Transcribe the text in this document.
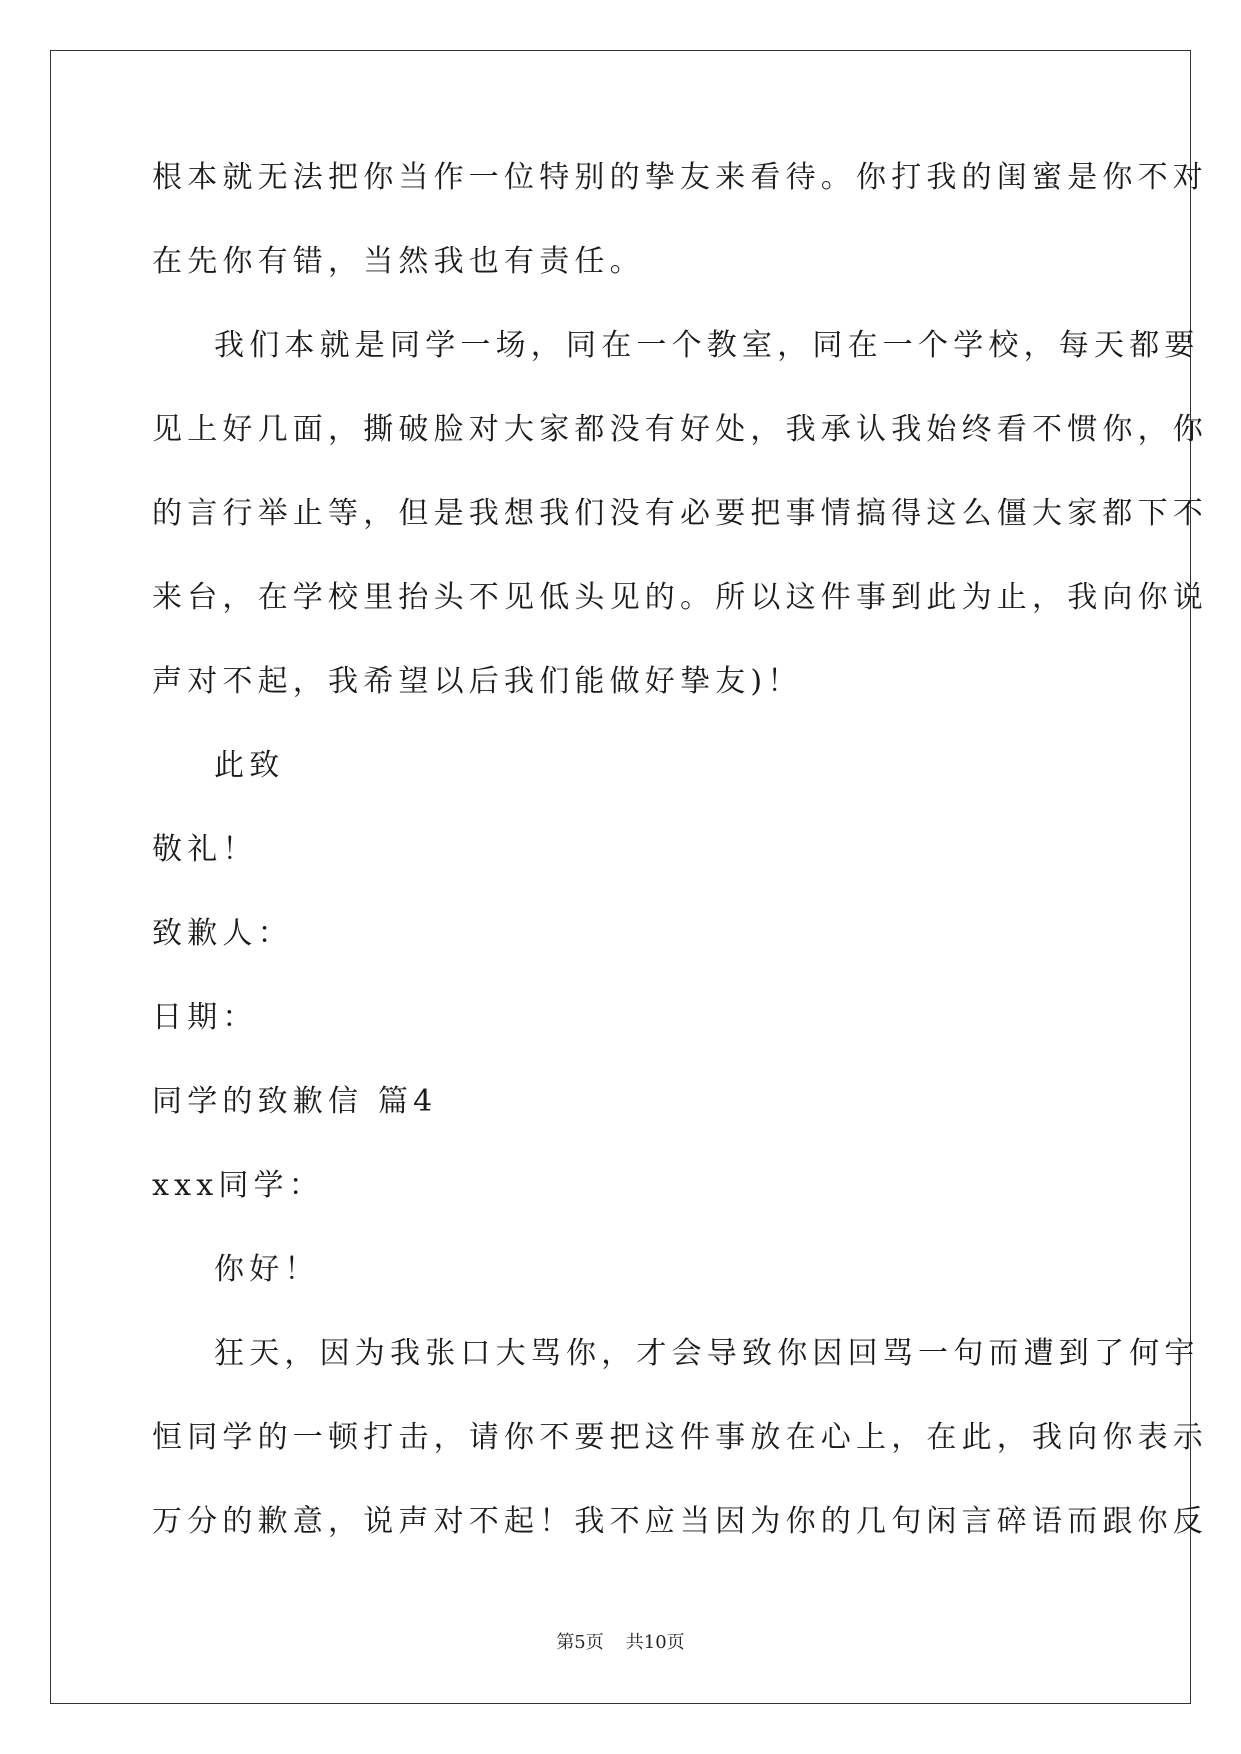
根本就无法把你当作一位特别的挚友来看待。你打我的闺蜜是你不对
在先你有错，当然我也有责任。
我们本就是同学一场，同在一个教室，同在一个学校，每天都要
见上好几面，撕破脸对大家都没有好处，我承认我始终看不惯你，你
的言行举止等，但是我想我们没有必要把事情搞得这么僵大家都下不
来台，在学校里抬头不见低头见的。所以这件事到此为止，我向你说
声对不起，我希望以后我们能做好挚友)！
此致
敬礼！
致歉人：
日期：
同学的致歉信 篇4
xxx同学：
你好！
狂天，因为我张口大骂你，才会导致你因回骂一句而遭到了何宇
恒同学的一顿打击，请你不要把这件事放在心上，在此，我向你表示
万分的歉意，说声对不起！我不应当因为你的几句闲言碎语而跟你反
第5页 共10页
